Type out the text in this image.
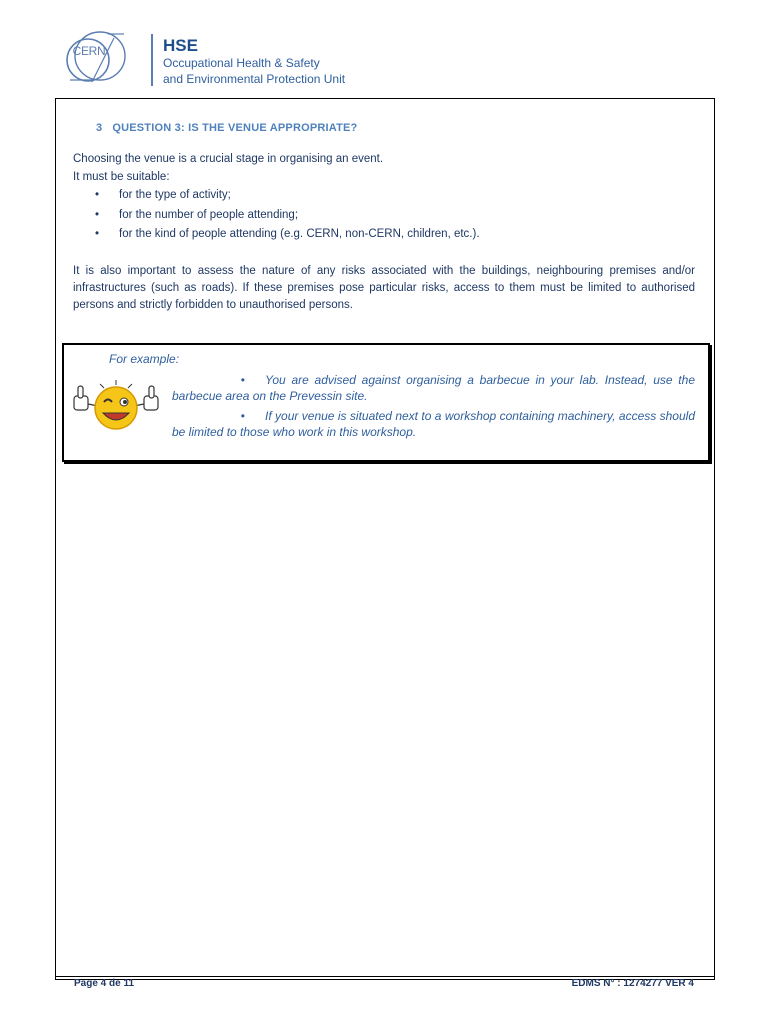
CERN	HSE
Occupational Health & Safety
and Environmental Protection Unit
3 QUESTION 3: IS THE VENUE APPROPRIATE?
Choosing the venue is a crucial stage in organising an event.
It must be suitable:
• for the type of activity;
• for the number of people attending;
• for the kind of people attending (e.g. CERN, non-CERN, children, etc.).
It is also important to assess the nature of any risks associated with the buildings, neighbouring premises and/or infrastructures (such as roads). If these premises pose particular risks, access to them must be limited to authorised persons and strictly forbidden to unauthorised persons.
For example:
• You are advised against organising a barbecue in your lab. Instead, use the barbecue area on the Prevessin site.
• If your venue is situated next to a workshop containing machinery, access should be limited to those who work in this workshop.
Page 4 de 11	EDMS N° : 1274277 VER 4
